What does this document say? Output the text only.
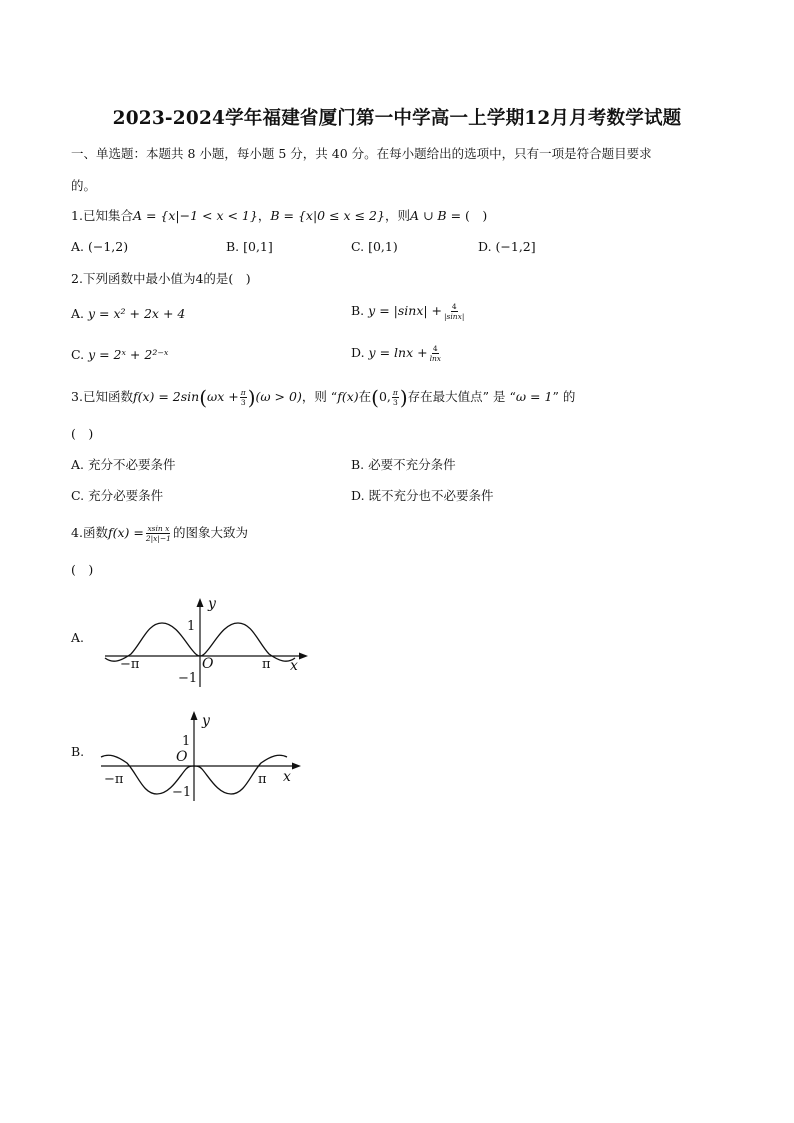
2023-2024学年福建省厦门第一中学高一上学期12月月考数学试题
一、单选题：本题共 8 小题，每小题 5 分，共 40 分。在每小题给出的选项中，只有一项是符合题目要求
的。
1.已知集合A = {x|−1 < x < 1}，B = {x|0 ≤ x ≤ 2}，则A ∪ B = (　)
A. (−1,2)	B. [0,1]	C. [0,1)	D. (−1,2]
2.下列函数中最小值为4的是(　)
A. y = x² + 2x + 4	B. $y = |\sin x| + \frac{4}{|\sin x|}$
C. y = 2ˣ + 2²⁻ˣ	D. $y = \ln x + \frac{4}{\ln x}$
3.已知函数$f(x) = 2\sin(\omega x + \frac{\pi}{3} )(\omega > 0)$，则 “f(x)在(0, $\frac{\pi}{3}$ )存在最大值点” 是 “ω = 1” 的
(　)
A. 充分不必要条件	B. 必要不充分条件
C. 充分必要条件	D. 既不充分也不必要条件
4.函数$f(x) = \frac{\text{xsin x}}{2|x|-1}$ 的图象大致为
(　)
A.
y
x
1
−1
O
−π	π
B.
y
x
1
−1
O
−π	π
